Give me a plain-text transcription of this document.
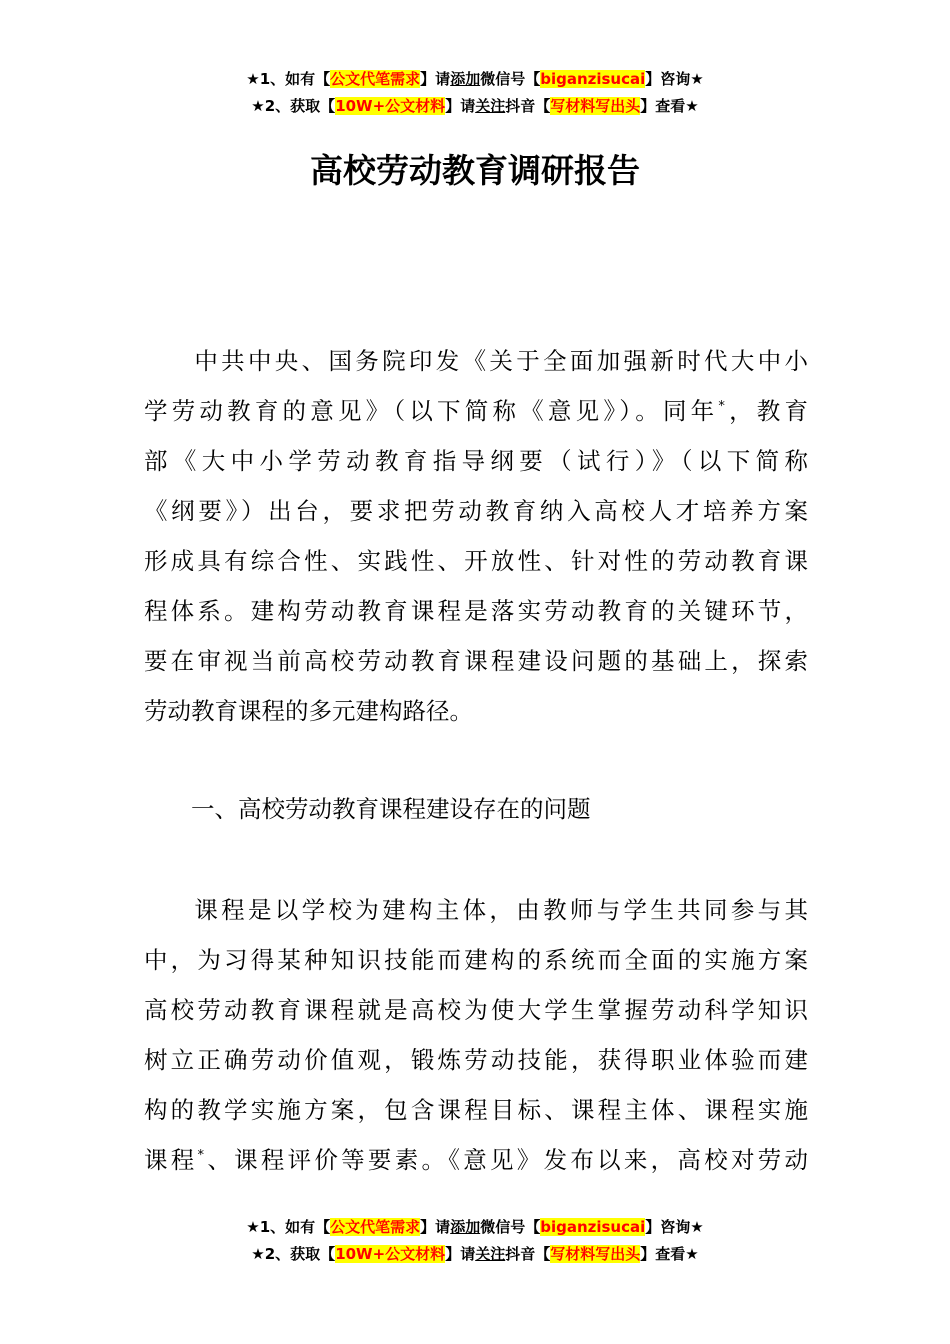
★1、如有【公文代笔需求】请添加微信号【biganzisucai】咨询★
★2、获取【10W+公文材料】请关注抖音【写材料写出头】查看★
高校劳动教育调研报告
中共中央、国务院印发《关于全面加强新时代大中小
学劳动教育的意见》（以下简称《意见》）。同年*，教育
部《大中小学劳动教育指导纲要（试行）》（以下简称
《纲要》）出台，要求把劳动教育纳入高校人才培养方案
形成具有综合性、实践性、开放性、针对性的劳动教育课
程体系。建构劳动教育课程是落实劳动教育的关键环节，
要在审视当前高校劳动教育课程建设问题的基础上，探索
劳动教育课程的多元建构路径。
一、高校劳动教育课程建设存在的问题
课程是以学校为建构主体，由教师与学生共同参与其
中，为习得某种知识技能而建构的系统而全面的实施方案
高校劳动教育课程就是高校为使大学生掌握劳动科学知识
树立正确劳动价值观，锻炼劳动技能，获得职业体验而建
构的教学实施方案，包含课程目标、课程主体、课程实施
课程*、课程评价等要素。《意见》发布以来，高校对劳动
★1、如有【公文代笔需求】请添加微信号【biganzisucai】咨询★
★2、获取【10W+公文材料】请关注抖音【写材料写出头】查看★
